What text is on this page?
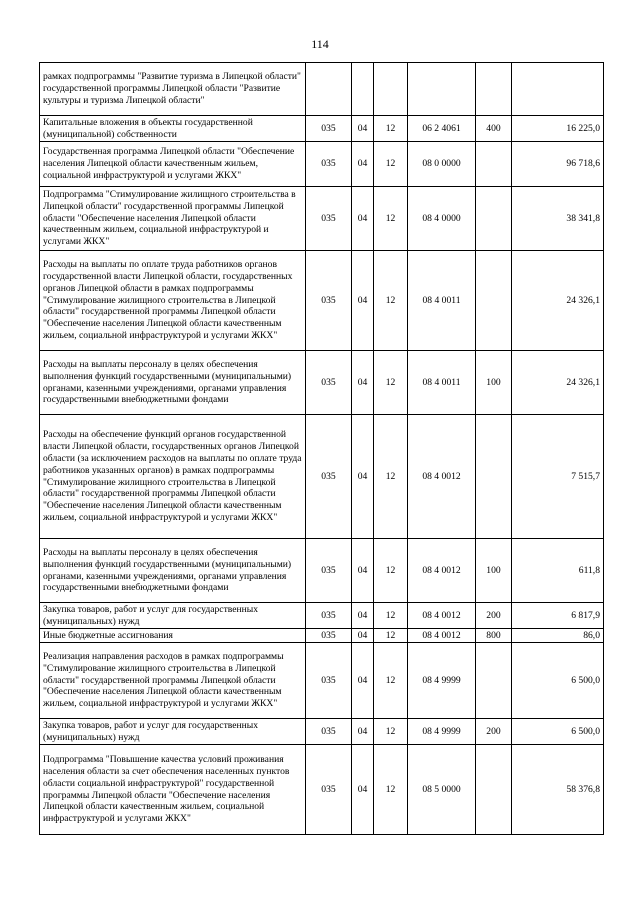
114
рамках подпрограммы "Развитие туризма в Липецкой области" государственной программы Липецкой области "Развитие культуры и туризма Липецкой области"						
Капитальные вложения в объекты государственной (муниципальной) собственности	035	04	12	06 2 4061	400	16 225,0
Государственная программа Липецкой области "Обеспечение населения Липецкой области качественным жильем, социальной инфраструктурой и услугами ЖКХ"	035	04	12	08 0 0000		96 718,6
Подпрограмма "Стимулирование жилищного строительства в Липецкой области" государственной программы Липецкой области "Обеспечение населения Липецкой области качественным жильем, социальной инфраструктурой и услугами ЖКХ"	035	04	12	08 4 0000		38 341,8
Расходы на выплаты по оплате труда работников органов государственной власти Липецкой области, государственных органов Липецкой области в рамках подпрограммы "Стимулирование жилищного строительства в Липецкой области" государственной программы Липецкой области "Обеспечение населения Липецкой области качественным жильем, социальной инфраструктурой и услугами ЖКХ"	035	04	12	08 4 0011		24 326,1
Расходы на выплаты персоналу в целях обеспечения выполнения функций государственными (муниципальными) органами, казенными учреждениями, органами управления государственными внебюджетными фондами	035	04	12	08 4 0011	100	24 326,1
Расходы на обеспечение функций органов государственной власти Липецкой области, государственных органов Липецкой области (за исключением расходов на выплаты по оплате труда работников указанных органов) в рамках подпрограммы "Стимулирование жилищного строительства в Липецкой области" государственной программы Липецкой области "Обеспечение населения Липецкой области качественным жильем, социальной инфраструктурой и услугами ЖКХ"	035	04	12	08 4 0012		7 515,7
Расходы на выплаты персоналу в целях обеспечения выполнения функций государственными (муниципальными) органами, казенными учреждениями, органами управления государственными внебюджетными фондами	035	04	12	08 4 0012	100	611,8
Закупка товаров, работ и услуг для государственных (муниципальных) нужд	035	04	12	08 4 0012	200	6 817,9
Иные бюджетные ассигнования	035	04	12	08 4 0012	800	86,0
Реализация направления расходов в рамках подпрограммы "Стимулирование жилищного строительства в Липецкой области" государственной программы Липецкой области "Обеспечение населения Липецкой области качественным жильем, социальной инфраструктурой и услугами ЖКХ"	035	04	12	08 4 9999		6 500,0
Закупка товаров, работ и услуг для государственных (муниципальных) нужд	035	04	12	08 4 9999	200	6 500,0
Подпрограмма "Повышение качества условий проживания населения области за счет обеспечения населенных пунктов области социальной инфраструктурой" государственной программы Липецкой области "Обеспечение населения Липецкой области качественным жильем, социальной инфраструктурой и услугами ЖКХ"	035	04	12	08 5 0000		58 376,8
